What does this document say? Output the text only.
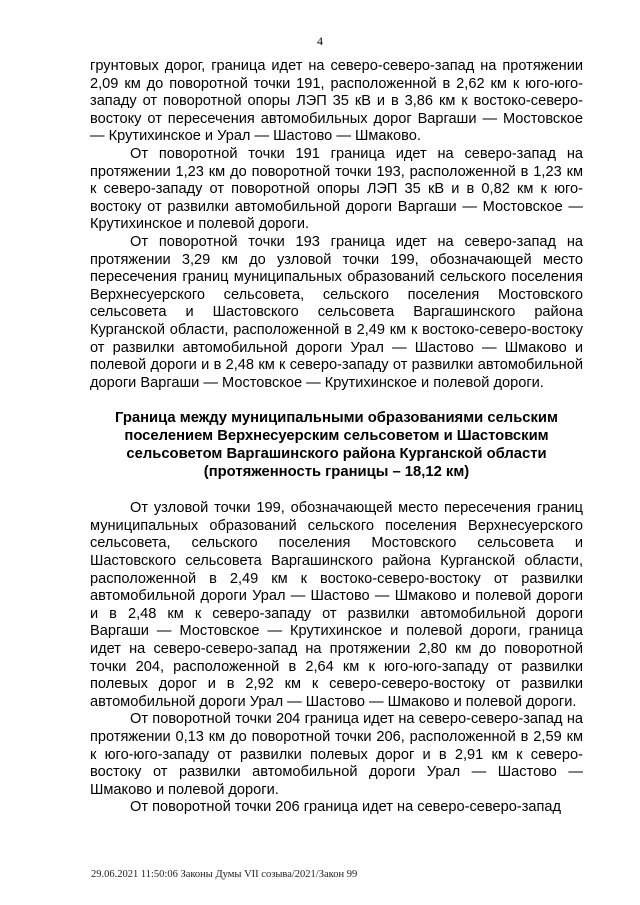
4

грунтовых дорог, граница идет на северо-северо-запад на протяжении 2,09 км до поворотной точки 191, расположенной в 2,62 км к юго-юго-западу от поворотной опоры ЛЭП 35 кВ и в 3,86 км к востоко-северо-востоку от пересечения автомобильных дорог Варгаши — Мостовское — Крутихинское и Урал — Шастово — Шмаково.

От поворотной точки 191 граница идет на северо-запад на протяжении 1,23 км до поворотной точки 193, расположенной в 1,23 км к северо-западу от поворотной опоры ЛЭП 35 кВ и в 0,82 км к юго-востоку от развилки автомобильной дороги Варгаши — Мостовское — Крутихинское и полевой дороги.

От поворотной точки 193 граница идет на северо-запад на протяжении 3,29 км до узловой точки 199, обозначающей место пересечения границ муниципальных образований сельского поселения Верхнесуерского сельсовета, сельского поселения Мостовского сельсовета и Шастовского сельсовета Варгашинского района Курганской области, расположенной в 2,49 км к востоко-северо-востоку от развилки автомобильной дороги Урал — Шастово — Шмаково и полевой дороги и в 2,48 км к северо-западу от развилки автомобильной дороги Варгаши — Мостовское — Крутихинское и полевой дороги.

Граница между муниципальными образованиями сельским поселением Верхнесуерским сельсоветом и Шастовским сельсоветом Варгашинского района Курганской области (протяженность границы – 18,12 км)

От узловой точки 199, обозначающей место пересечения границ муниципальных образований сельского поселения Верхнесуерского сельсовета, сельского поселения Мостовского сельсовета и Шастовского сельсовета Варгашинского района Курганской области, расположенной в 2,49 км к востоко-северо-востоку от развилки автомобильной дороги Урал — Шастово — Шмаково и полевой дороги и в 2,48 км к северо-западу от развилки автомобильной дороги Варгаши — Мостовское — Крутихинское и полевой дороги, граница идет на северо-северо-запад на протяжении 2,80 км до поворотной точки 204, расположенной в 2,64 км к юго-юго-западу от развилки полевых дорог и в 2,92 км к северо-северо-востоку от развилки автомобильной дороги Урал — Шастово — Шмаково и полевой дороги.

От поворотной точки 204 граница идет на северо-северо-запад на протяжении 0,13 км до поворотной точки 206, расположенной в 2,59 км к юго-юго-западу от развилки полевых дорог и в 2,91 км к северо-востоку от развилки автомобильной дороги Урал — Шастово — Шмаково и полевой дороги.

От поворотной точки 206 граница идет на северо-северо-запад

29.06.2021 11:50:06 Законы Думы VII созыва/2021/Закон 99
